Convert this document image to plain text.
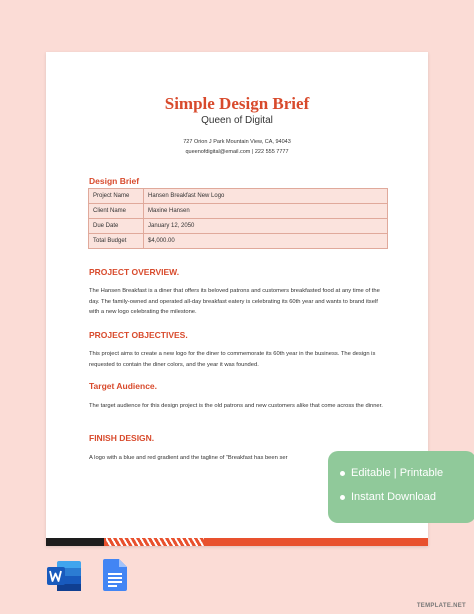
Simple Design Brief
Queen of Digital
727 Orion J Park Mountain View, CA, 94043
queenofdigital@email.com | 222 555 7777
Design Brief
Project Name	Hansen Breakfast New Logo
Client Name	Maxine Hansen
Due Date	January 12, 2050
Total Budget	$4,000.00
PROJECT OVERVIEW.
The Hansen Breakfast is a diner that offers its beloved patrons and customers breakfasted food at any time of the day. The family-owned and operated all-day breakfast eatery is celebrating its 60th year and wants to brand itself with a new logo celebrating the milestone.
PROJECT OBJECTIVES.
This project aims to create a new logo for the diner to commemorate its 60th year in the business. The design is requested to contain the diner colors, and the year it was founded.
Target Audience.
The target audience for this design project is the old patrons and new customers alike that come across the dinner.
FINISH DESIGN.
A logo with a blue and red gradient and the tagline of “Breakfast has been ser
Editable | Printable
Instant Download
TEMPLATE.NET
